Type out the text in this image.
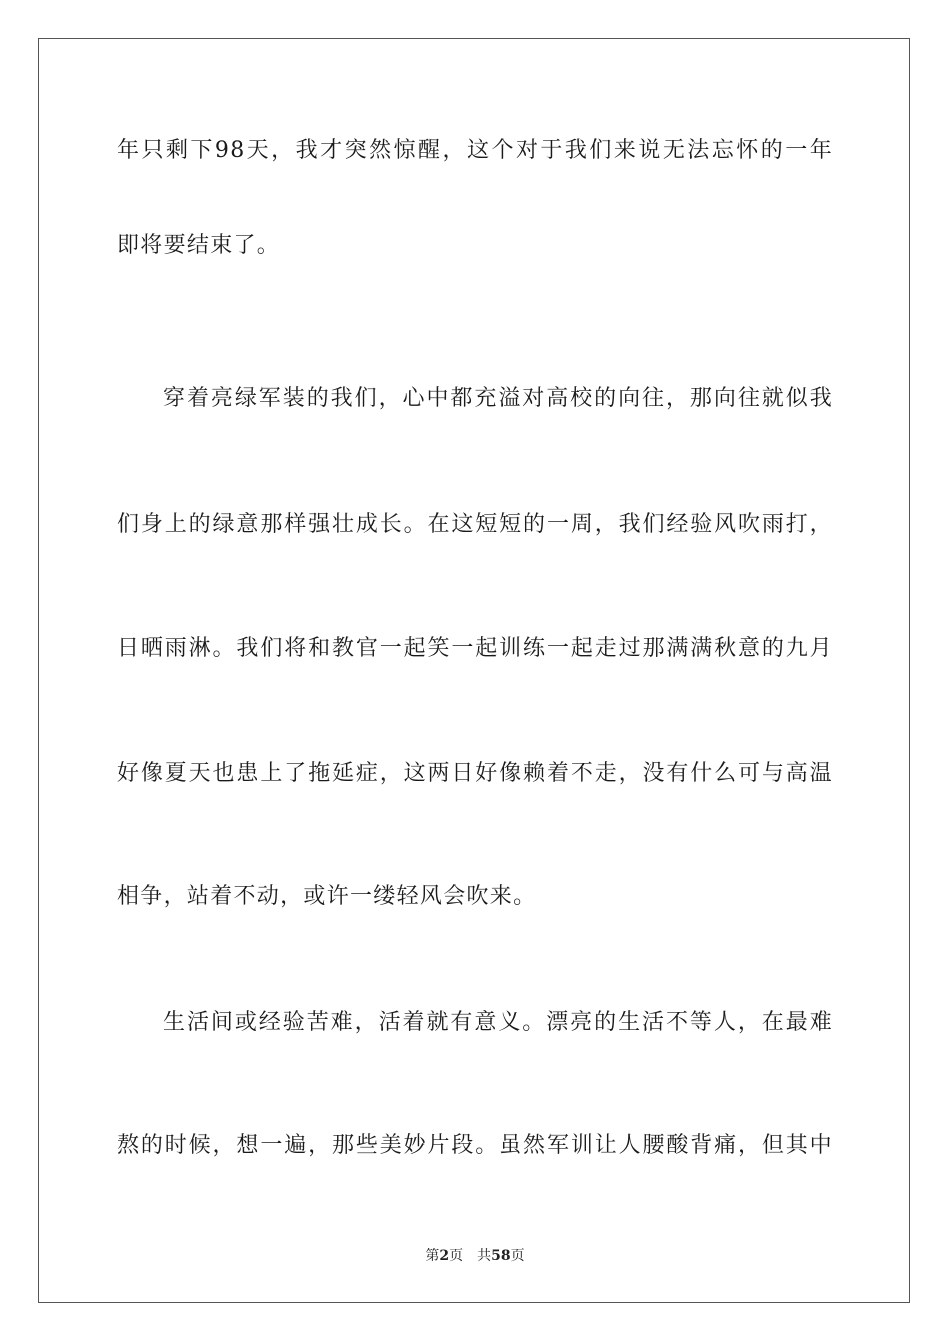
年只剩下98天，我才突然惊醒，这个对于我们来说无法忘怀的一年
即将要结束了。
穿着亮绿军装的我们，心中都充溢对高校的向往，那向往就似我
们身上的绿意那样强壮成长。在这短短的一周，我们经验风吹雨打，
日晒雨淋。我们将和教官一起笑一起训练一起走过那满满秋意的九月
好像夏天也患上了拖延症，这两日好像赖着不走，没有什么可与高温
相争，站着不动，或许一缕轻风会吹来。
生活间或经验苦难，活着就有意义。漂亮的生活不等人，在最难
熬的时候，想一遍，那些美妙片段。虽然军训让人腰酸背痛，但其中
第2页 共58页
